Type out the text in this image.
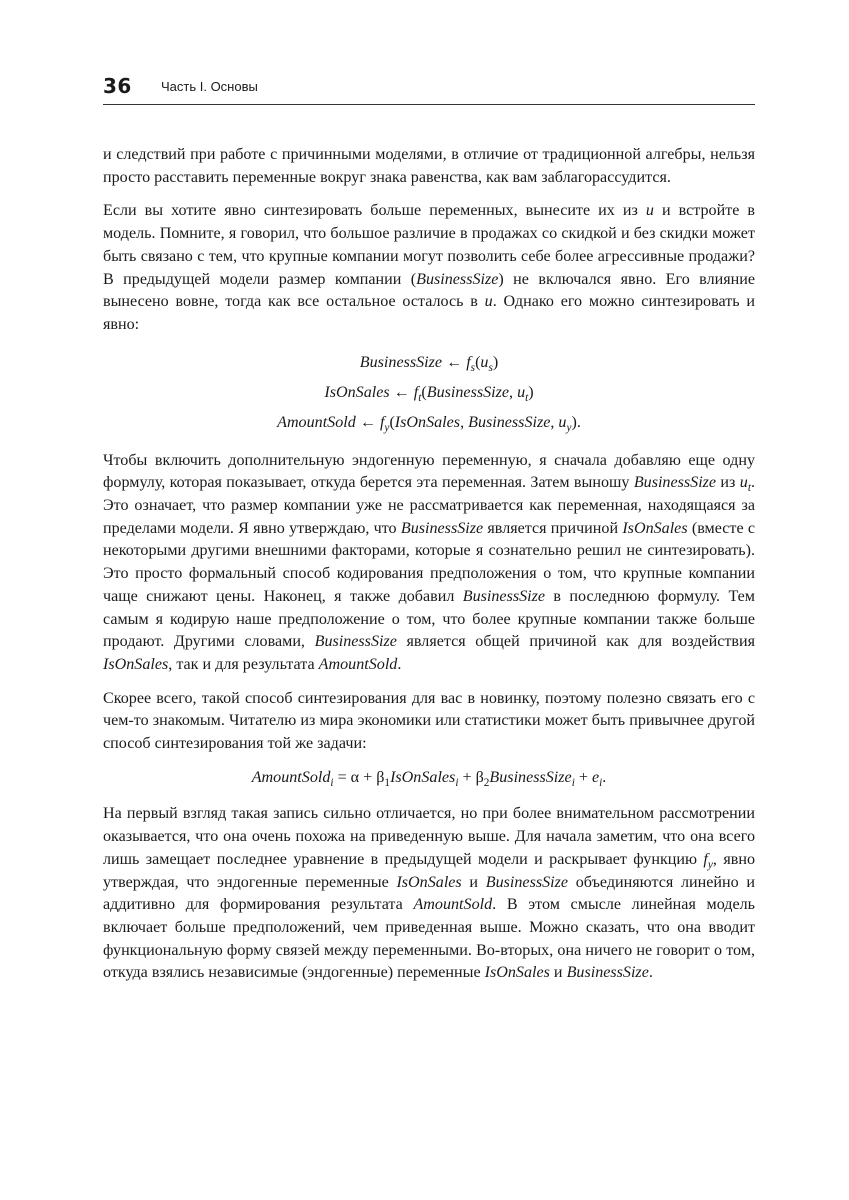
36 Часть I. Основы

и следствий при работе с причинными моделями, в отличие от традиционной алгебры, нельзя просто расставить переменные вокруг знака равенства, как вам заблагорассудится.

Если вы хотите явно синтезировать больше переменных, вынесите их из u и встройте в модель. Помните, я говорил, что большое различие в продажах со скидкой и без скидки может быть связано с тем, что крупные компании могут позволить себе более агрессивные продажи? В предыдущей модели размер компании (BusinessSize) не включался явно. Его влияние вынесено вовне, тогда как все остальное осталось в u. Однако его можно синтезировать и явно:

BusinessSize ← $f_s(u_s)$
IsOnSales ← $f_t(BusinessSize$, $u_t$)
AmountSold ← $f_y(IsOnSales$, BusinessSize, $u_y$).

Чтобы включить дополнительную эндогенную переменную, я сначала добавляю еще одну формулу, которая показывает, откуда берется эта переменная. Затем выношу BusinessSize из $u_t$. Это означает, что размер компании уже не рассматривается как переменная, находящаяся за пределами модели. Я явно утверждаю, что BusinessSize является причиной IsOnSales (вместе с некоторыми другими внешними факторами, которые я сознательно решил не синтезировать). Это просто формальный способ кодирования предположения о том, что крупные компании чаще снижают цены. Наконец, я также добавил BusinessSize в последнюю формулу. Тем самым я кодирую наше предположение о том, что более крупные компании также больше продают. Другими словами, BusinessSize является общей причиной как для воздействия IsOnSales, так и для результата AmountSold.

Скорее всего, такой способ синтезирования для вас в новинку, поэтому полезно связать его с чем-то знакомым. Читателю из мира экономики или статистики может быть привычнее другой способ синтезирования той же задачи:

AmountSold$_i$ = $\alpha + \beta_1IsOnSales_i$ + $\beta_2BusinessSize_i + e_i$.

На первый взгляд такая запись сильно отличается, но при более внимательном рассмотрении оказывается, что она очень похожа на приведенную выше. Для начала заметим, что она всего лишь замещает последнее уравнение в предыдущей модели и раскрывает функцию $f_y$, явно утверждая, что эндогенные переменные IsOnSales и BusinessSize объединяются линейно и аддитивно для формирования результата AmountSold. В этом смысле линейная модель включает больше предположений, чем приведенная выше. Можно сказать, что она вводит функциональную форму связей между переменными. Во-вторых, она ничего не говорит о том, откуда взялись независимые (эндогенные) переменные IsOnSales и BusinessSize.
